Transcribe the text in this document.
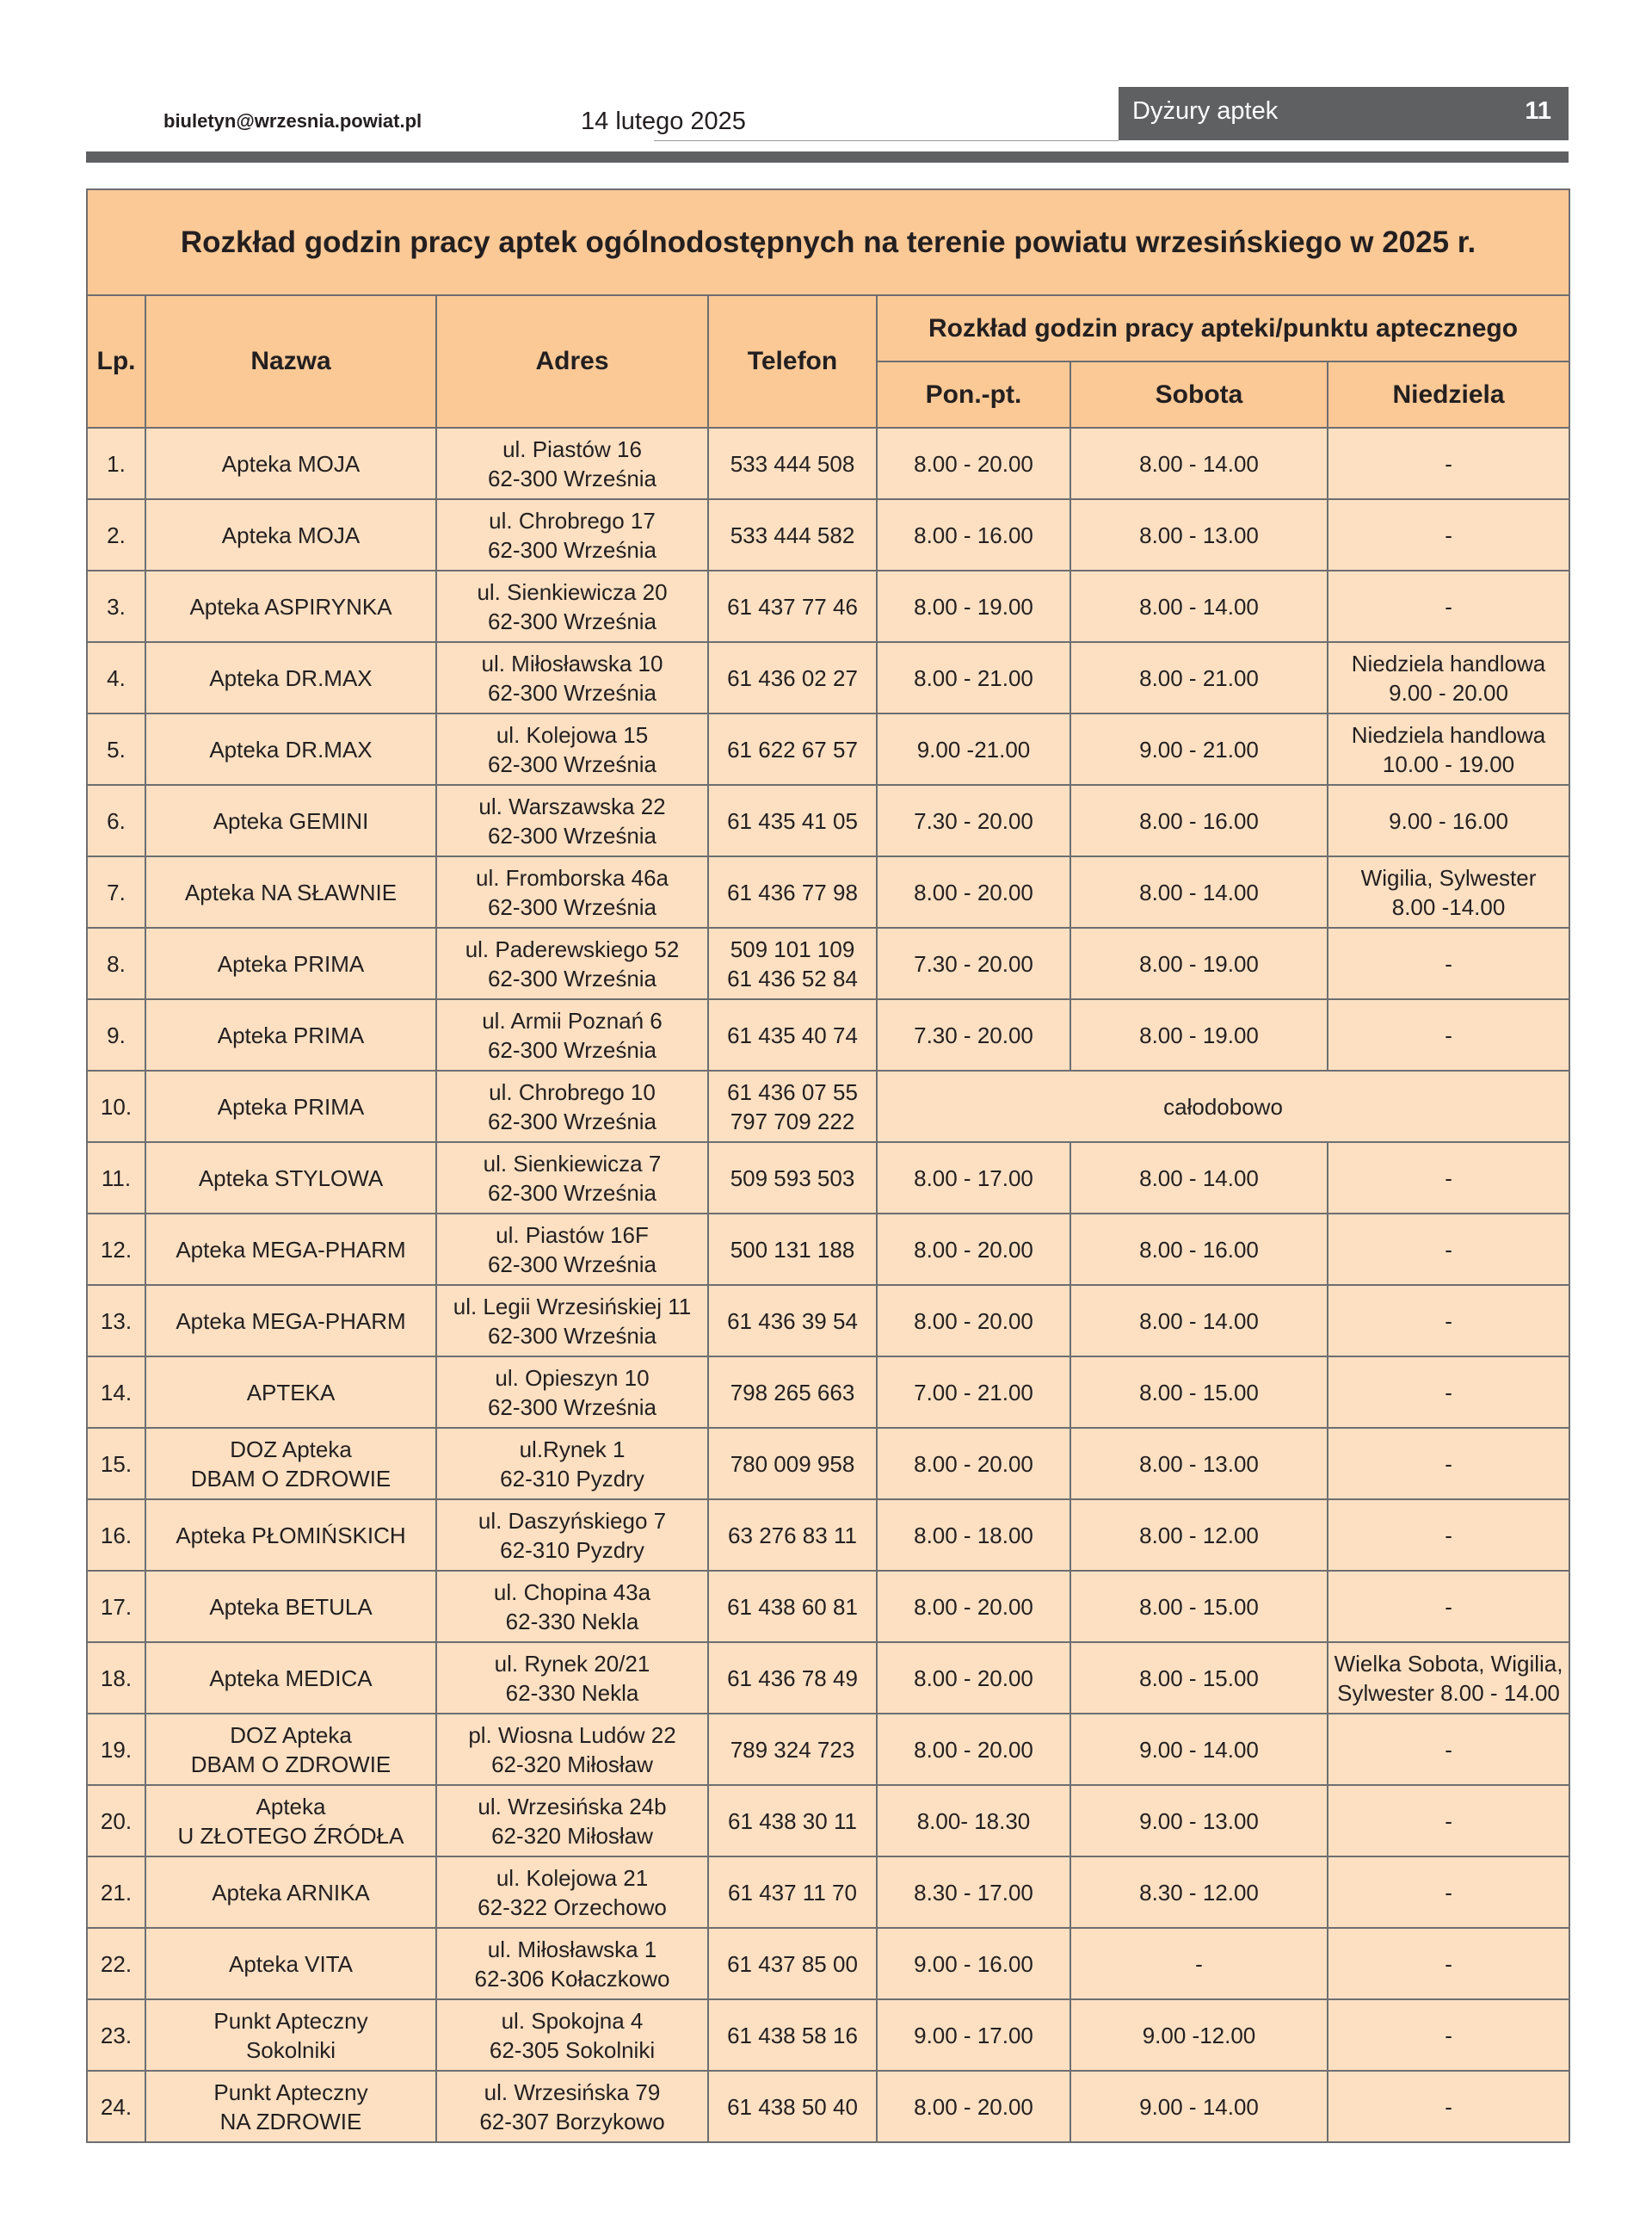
biuletyn@wrzesnia.powiat.pl	14 lutego 2025	Dyżury aptek	11
Rozkład godzin pracy aptek ogólnodostępnych na terenie powiatu wrzesińskiego w 2025 r.						
Lp.	Nazwa	Adres	Telefon	Rozkład godzin pracy apteki/punktu aptecznego		
				Pon.-pt.	Sobota	Niedziela
1.	Apteka MOJA	ul. Piastów 16
62-300 Września	533 444 508	8.00 - 20.00	8.00 - 14.00	-

2.	Apteka MOJA	ul. Chrobrego 17
62-300 Września	533 444 582	8.00 - 16.00	8.00 - 13.00	-

3.	Apteka ASPIRYNKA	ul. Sienkiewicza 20
62-300 Września	61 437 77 46	8.00 - 19.00	8.00 - 14.00	-

4.	Apteka DR.MAX	ul. Miłosławska 10
62-300 Września	61 436 02 27	8.00 - 21.00	8.00 - 21.00	Niedziela handlowa
9.00 - 20.00

5.	Apteka DR.MAX	ul. Kolejowa 15
62-300 Września	61 622 67 57	9.00 -21.00	9.00 - 21.00	Niedziela handlowa
10.00 - 19.00

6.	Apteka GEMINI	ul. Warszawska 22
62-300 Września	61 435 41 05	7.30 - 20.00	8.00 - 16.00	9.00 - 16.00

7.	Apteka NA SŁAWNIE	ul. Fromborska 46a
62-300 Września	61 436 77 98	8.00 - 20.00	8.00 - 14.00	Wigilia, Sylwester
8.00 -14.00

8.	Apteka PRIMA	ul. Paderewskiego 52
62-300 Września	509 101 109
61 436 52 84	7.30 - 20.00	8.00 - 19.00	-

9.	Apteka PRIMA	ul. Armii Poznań 6
62-300 Września	61 435 40 74	7.30 - 20.00	8.00 - 19.00	-

10.	Apteka PRIMA	ul. Chrobrego 10
62-300 Września	61 436 07 55
797 709 222	całodobowo		
11.	Apteka STYLOWA	ul. Sienkiewicza 7
62-300 Września	509 593 503	8.00 - 17.00	8.00 - 14.00	-

12.	Apteka MEGA-PHARM	ul. Piastów 16F
62-300 Września	500 131 188	8.00 - 20.00	8.00 - 16.00	-

13.	Apteka MEGA-PHARM	ul. Legii Wrzesińskiej 11
62-300 Września	61 436 39 54	8.00 - 20.00	8.00 - 14.00	-

14.	APTEKA	ul. Opieszyn 10
62-300 Września	798 265 663	7.00 - 21.00	8.00 - 15.00	-

15.	DOZ Apteka
DBAM O ZDROWIE	ul.Rynek 1
62-310 Pyzdry	780 009 958	8.00 - 20.00	8.00 - 13.00	-

16.	Apteka PŁOMIŃSKICH	ul. Daszyńskiego 7
62-310 Pyzdry	63 276 83 11	8.00 - 18.00	8.00 - 12.00	-

17.	Apteka BETULA	ul. Chopina 43a
62-330 Nekla	61 438 60 81	8.00 - 20.00	8.00 - 15.00	-

18.	Apteka MEDICA	ul. Rynek 20/21
62-330 Nekla	61 436 78 49	8.00 - 20.00	8.00 - 15.00	Wielka Sobota, Wigilia,
Sylwester 8.00 - 14.00

19.	DOZ Apteka
DBAM O ZDROWIE	pl. Wiosna Ludów 22
62-320 Miłosław	789 324 723	8.00 - 20.00	9.00 - 14.00	-

20.	Apteka
U ZŁOTEGO ŹRÓDŁA	ul. Wrzesińska 24b
62-320 Miłosław	61 438 30 11	8.00- 18.30	9.00 - 13.00	-

21.	Apteka ARNIKA	ul. Kolejowa 21
62-322 Orzechowo	61 437 11 70	8.30 - 17.00	8.30 - 12.00	-

22.	Apteka VITA	ul. Miłosławska 1
62-306 Kołaczkowo	61 437 85 00	9.00 - 16.00	-	-

23.	Punkt Apteczny
Sokolniki	ul. Spokojna 4
62-305 Sokolniki	61 438 58 16	9.00 - 17.00	9.00 -12.00	-

24.	Punkt Apteczny
NA ZDROWIE	ul. Wrzesińska 79
62-307 Borzykowo	61 438 50 40	8.00 - 20.00	9.00 - 14.00	-
